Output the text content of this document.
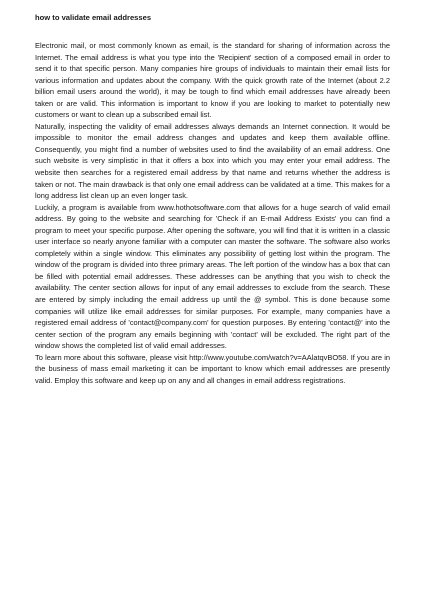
how to validate email addresses

Electronic mail, or most commonly known as email, is the standard for sharing of information across the Internet. The email address is what you type into the 'Recipient' section of a composed email in order to send it to that specific person. Many companies hire groups of individuals to maintain their email lists for various information and updates about the company. With the quick growth rate of the Internet (about 2.2 billion email users around the world), it may be tough to find which email addresses have already been taken or are valid. This information is important to know if you are looking to market to potentially new customers or want to clean up a subscribed email list.

Naturally, inspecting the validity of email addresses always demands an Internet connection. It would be impossible to monitor the email address changes and updates and keep them available offline. Consequently, you might find a number of websites used to find the availability of an email address. One such website is very simplistic in that it offers a box into which you may enter your email address. The website then searches for a registered email address by that name and returns whether the address is taken or not. The main drawback is that only one email address can be validated at a time. This makes for a long address list clean up an even longer task.

Luckily, a program is available from www.hothotsoftware.com that allows for a huge search of valid email address. By going to the website and searching for 'Check if an E-mail Address Exists' you can find a program to meet your specific purpose. After opening the software, you will find that it is written in a classic user interface so nearly anyone familiar with a computer can master the software. The software also works completely within a single window. This eliminates any possibility of getting lost within the program. The window of the program is divided into three primary areas. The left portion of the window has a box that can be filled with potential email addresses. These addresses can be anything that you wish to check the availability. The center section allows for input of any email addresses to exclude from the search. These are entered by simply including the email address up until the @ symbol. This is done because some companies will utilize like email addresses for similar purposes. For example, many companies have a registered email address of 'contact@company.com' for question purposes. By entering 'contact@' into the center section of the program any emails beginning with 'contact' will be excluded. The right part of the window shows the completed list of valid email addresses.

To learn more about this software, please visit http://www.youtube.com/watch?v=AAlatqvBO58. If you are in the business of mass email marketing it can be important to know which email addresses are presently valid. Employ this software and keep up on any and all changes in email address registrations.
